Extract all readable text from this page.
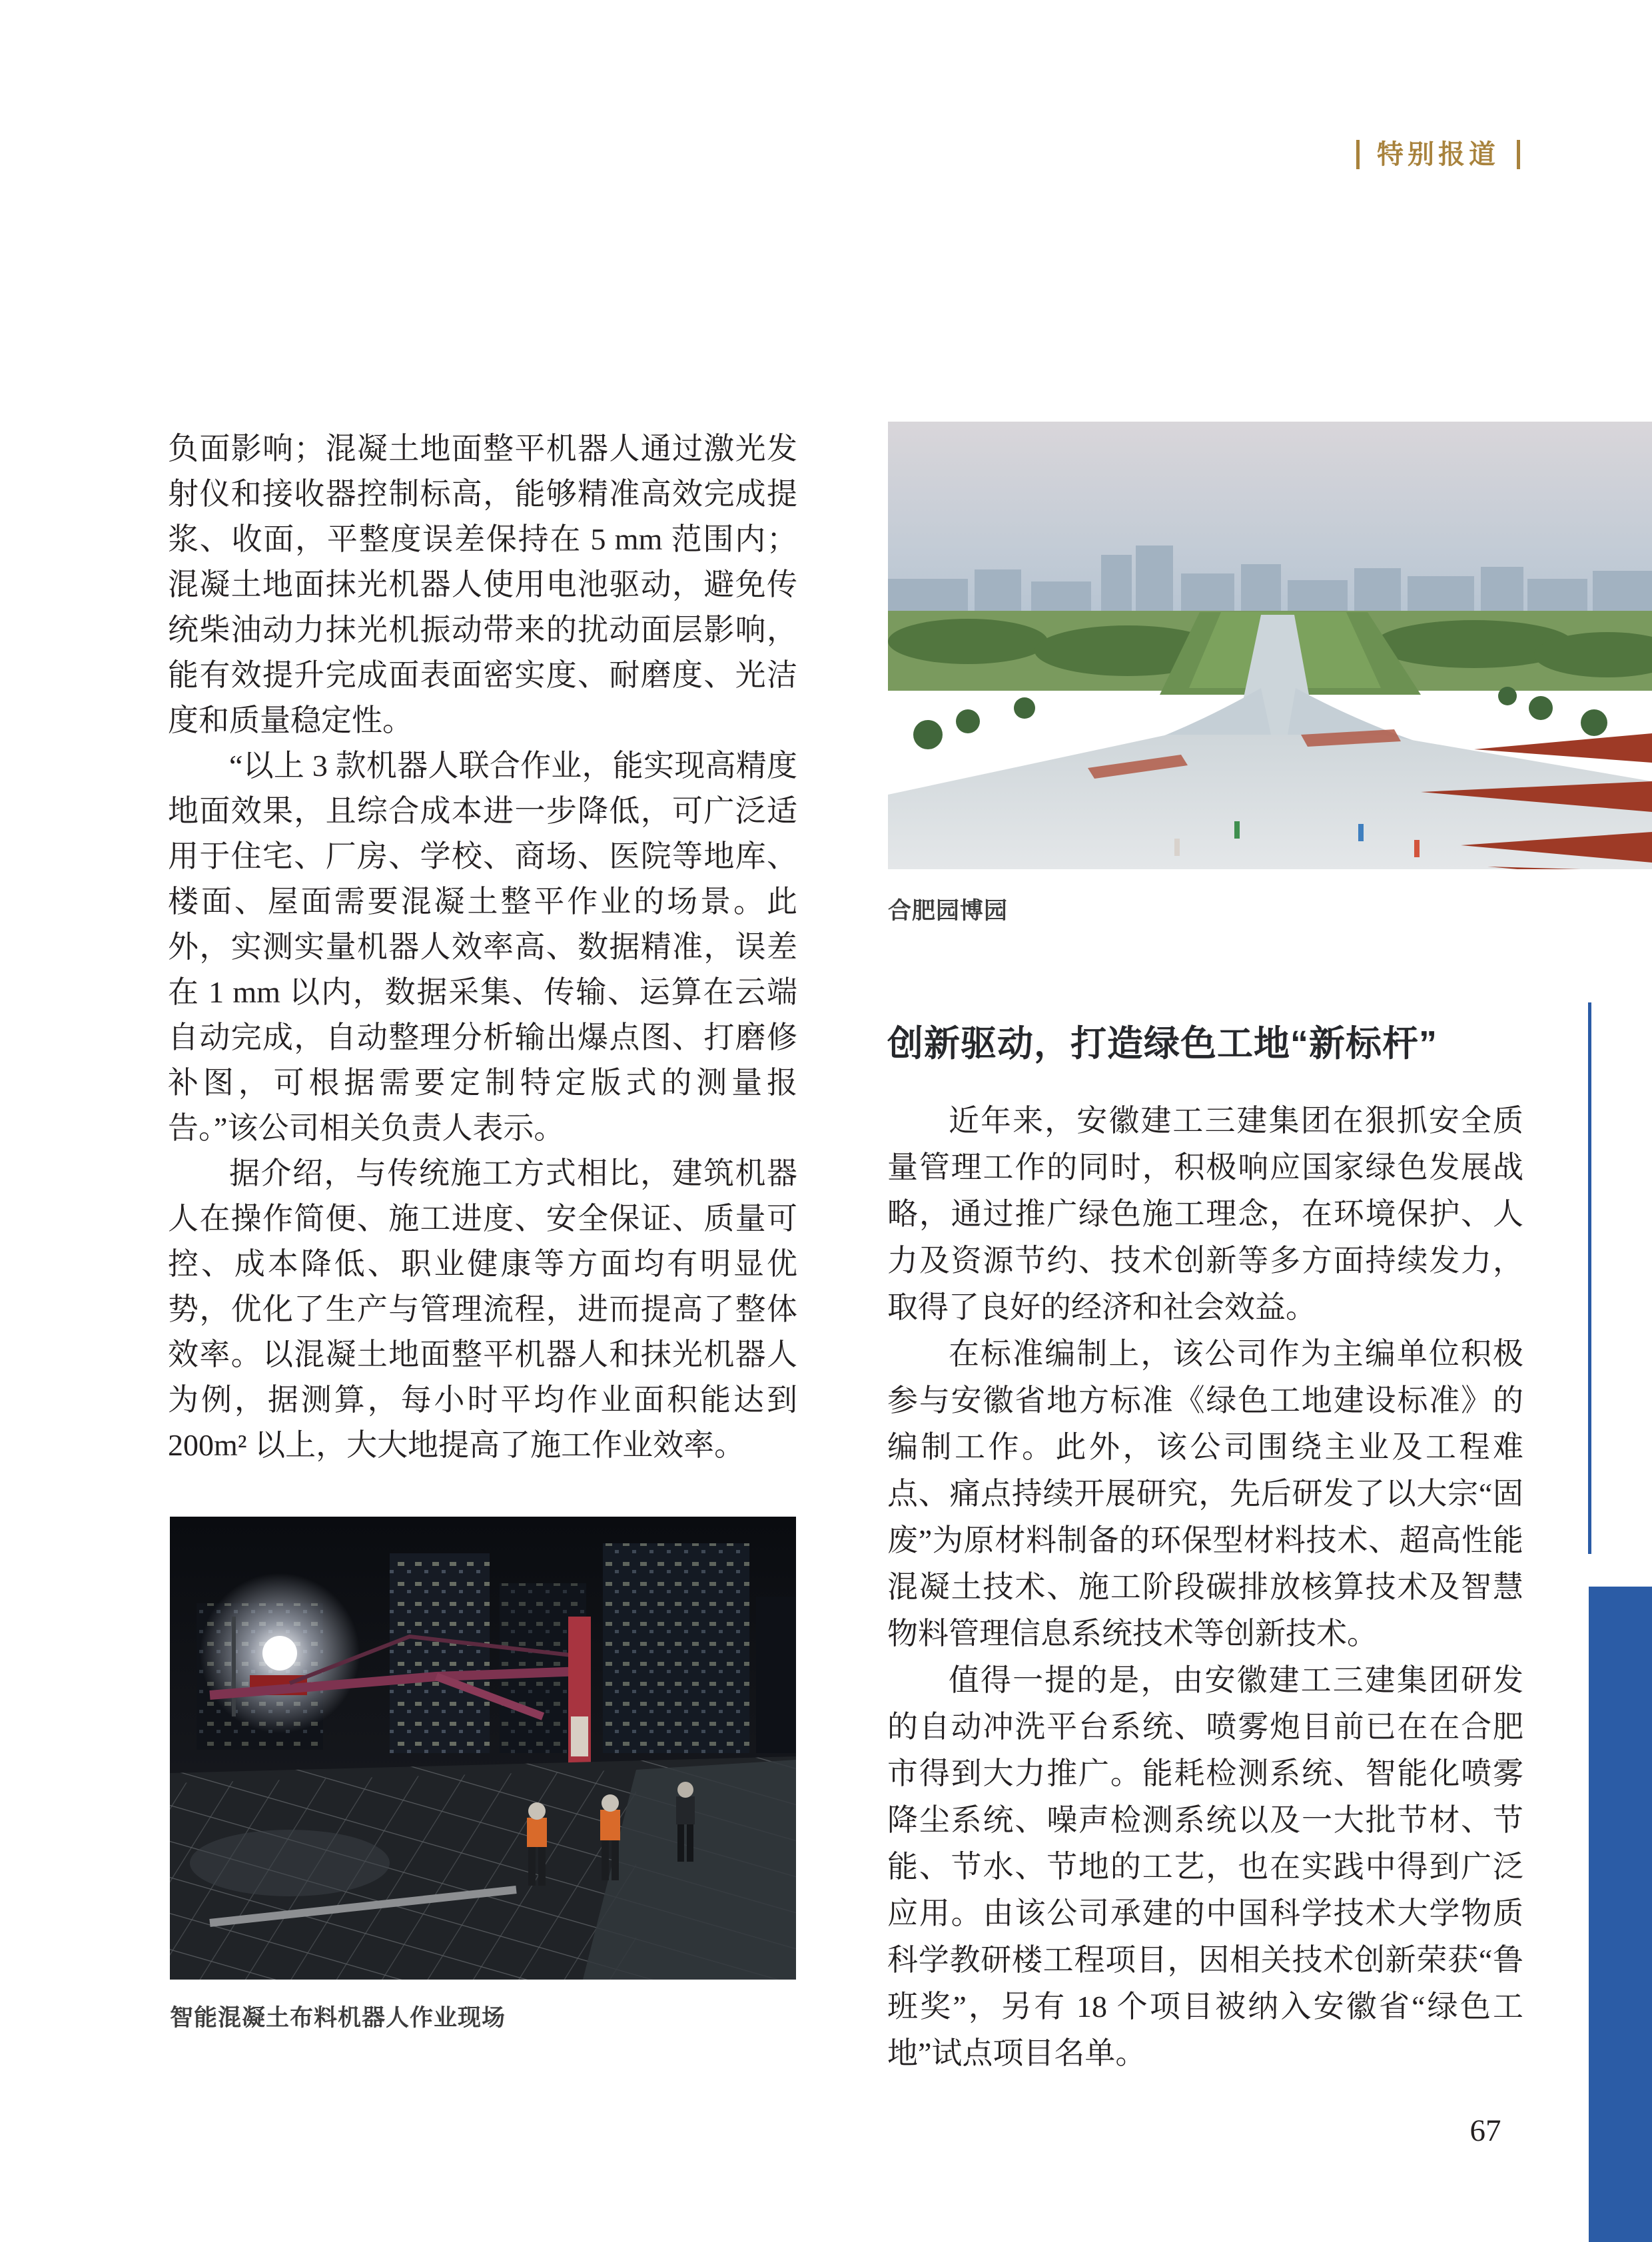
特别报道

负面影响；混凝土地面整平机器人通过激光发射仪和接收器控制标高，能够精准高效完成提浆、收面，平整度误差保持在 5 mm 范围内；混凝土地面抹光机器人使用电池驱动，避免传统柴油动力抹光机振动带来的扰动面层影响，能有效提升完成面表面密实度、耐磨度、光洁度和质量稳定性。

“以上 3 款机器人联合作业，能实现高精度地面效果，且综合成本进一步降低，可广泛适用于住宅、厂房、学校、商场、医院等地库、楼面、屋面需要混凝土整平作业的场景。此外，实测实量机器人效率高、数据精准，误差在 1 mm 以内，数据采集、传输、运算在云端自动完成，自动整理分析输出爆点图、打磨修补图，可根据需要定制特定版式的测量报告。”该公司相关负责人表示。

据介绍，与传统施工方式相比，建筑机器人在操作简便、施工进度、安全保证、质量可控、成本降低、职业健康等方面均有明显优势，优化了生产与管理流程，进而提高了整体效率。以混凝土地面整平机器人和抹光机器人为例，据测算，每小时平均作业面积能达到 200m² 以上，大大地提高了施工作业效率。

合肥园博园
创新驱动，打造绿色工地“新标杆”

近年来，安徽建工三建集团在狠抓安全质量管理工作的同时，积极响应国家绿色发展战略，通过推广绿色施工理念，在环境保护、人力及资源节约、技术创新等多方面持续发力，取得了良好的经济和社会效益。

在标准编制上，该公司作为主编单位积极参与安徽省地方标准《绿色工地建设标准》的编制工作。此外，该公司围绕主业及工程难点、痛点持续开展研究，先后研发了以大宗“固废”为原材料制备的环保型材料技术、超高性能混凝土技术、施工阶段碳排放核算技术及智慧物料管理信息系统技术等创新技术。

值得一提的是，由安徽建工三建集团研发的自动冲洗平台系统、喷雾炮目前已在在合肥市得到大力推广。能耗检测系统、智能化喷雾降尘系统、噪声检测系统以及一大批节材、节能、节水、节地的工艺，也在实践中得到广泛应用。由该公司承建的中国科学技术大学物质科学教研楼工程项目，因相关技术创新荣获“鲁班奖”，另有 18 个项目被纳入安徽省“绿色工地”试点项目名单。

智能混凝土布料机器人作业现场
67
